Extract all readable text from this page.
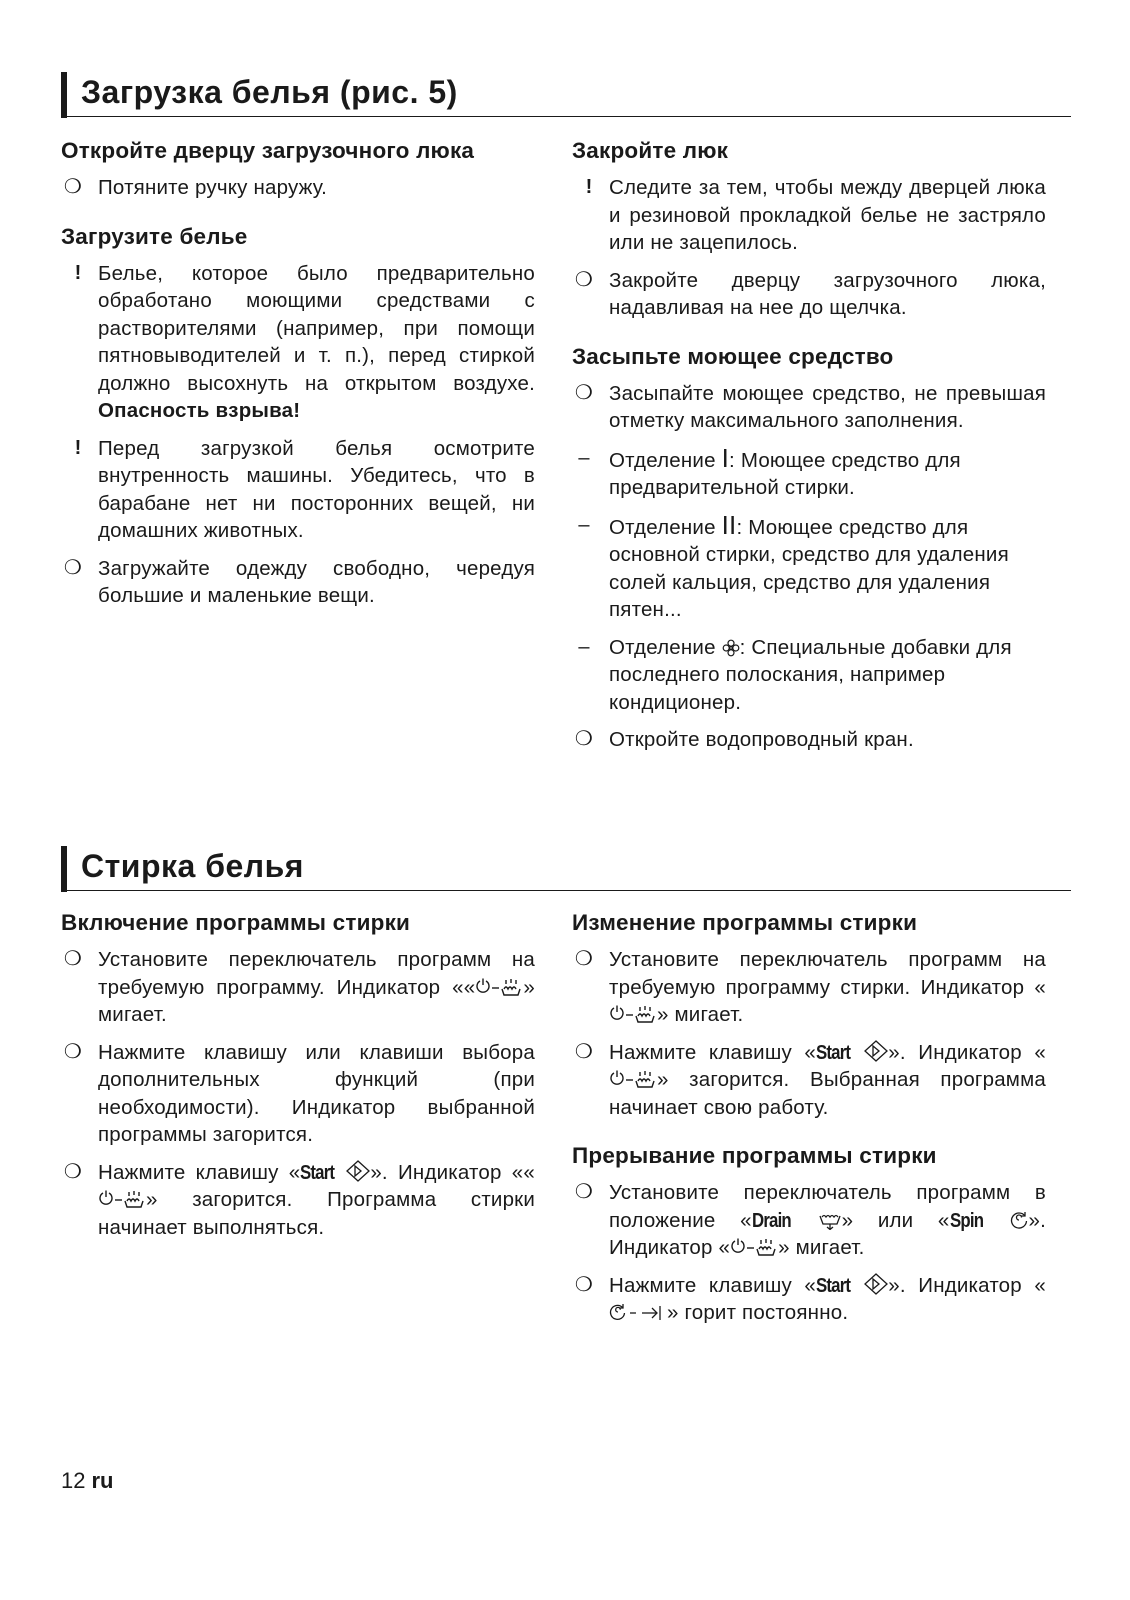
Загрузка белья (рис. 5)
Откройте дверцу загрузочного люка
❍ Потяните ручку наружу.
Загрузите белье
! Белье, которое было предварительно обработано моющими средствами с растворителями (например, при помощи пятновыводителей и т. п.), перед стиркой должно высохнуть на открытом воздухе. Опасность взрыва!
! Перед загрузкой белья осмотрите внутренность машины. Убедитесь, что в барабане нет ни посторонних вещей, ни домашних животных.
❍ Загружайте одежду свободно, чередуя большие и маленькие вещи.
Закройте люк
! Следите за тем, чтобы между дверцей люка и резиновой прокладкой белье не застряло или не зацепилось.
❍ Закройте дверцу загрузочного люка, надавливая на нее до щелчка.
Засыпьте моющее средство
❍ Засыпайте моющее средство, не превышая отметку максимального заполнения.
– Отделение I: Моющее средство для предварительной стирки.
– Отделение II: Моющее средство для основной стирки, средство для удаления солей кальция, средство для удаления пятен...
– Отделение : Специальные добавки для последнего полоскания, например кондиционер.
❍ Откройте водопроводный кран.
Стирка белья
Включение программы стирки
❍ Установите переключатель программ на требуемую программу. Индикатор «« » мигает.
❍ Нажмите клавишу или клавиши выбора дополнительных функций (при необходимости). Индикатор выбранной программы загорится.
❍ Нажмите клавишу «Start ». Индикатор ««» загорится. Программа стирки начинает выполняться.
Изменение программы стирки
❍ Установите переключатель программ на требуемую программу стирки. Индикатор «» мигает.
❍ Нажмите клавишу «Start ». Индикатор «» загорится. Выбранная программа начинает свою работу.
Прерывание программы стирки
❍ Установите переключатель программ в положение «Drain » или «Spin ». Индикатор « » мигает.
❍ Нажмите клавишу «Start ». Индикатор «» горит постоянно.
12 ru
